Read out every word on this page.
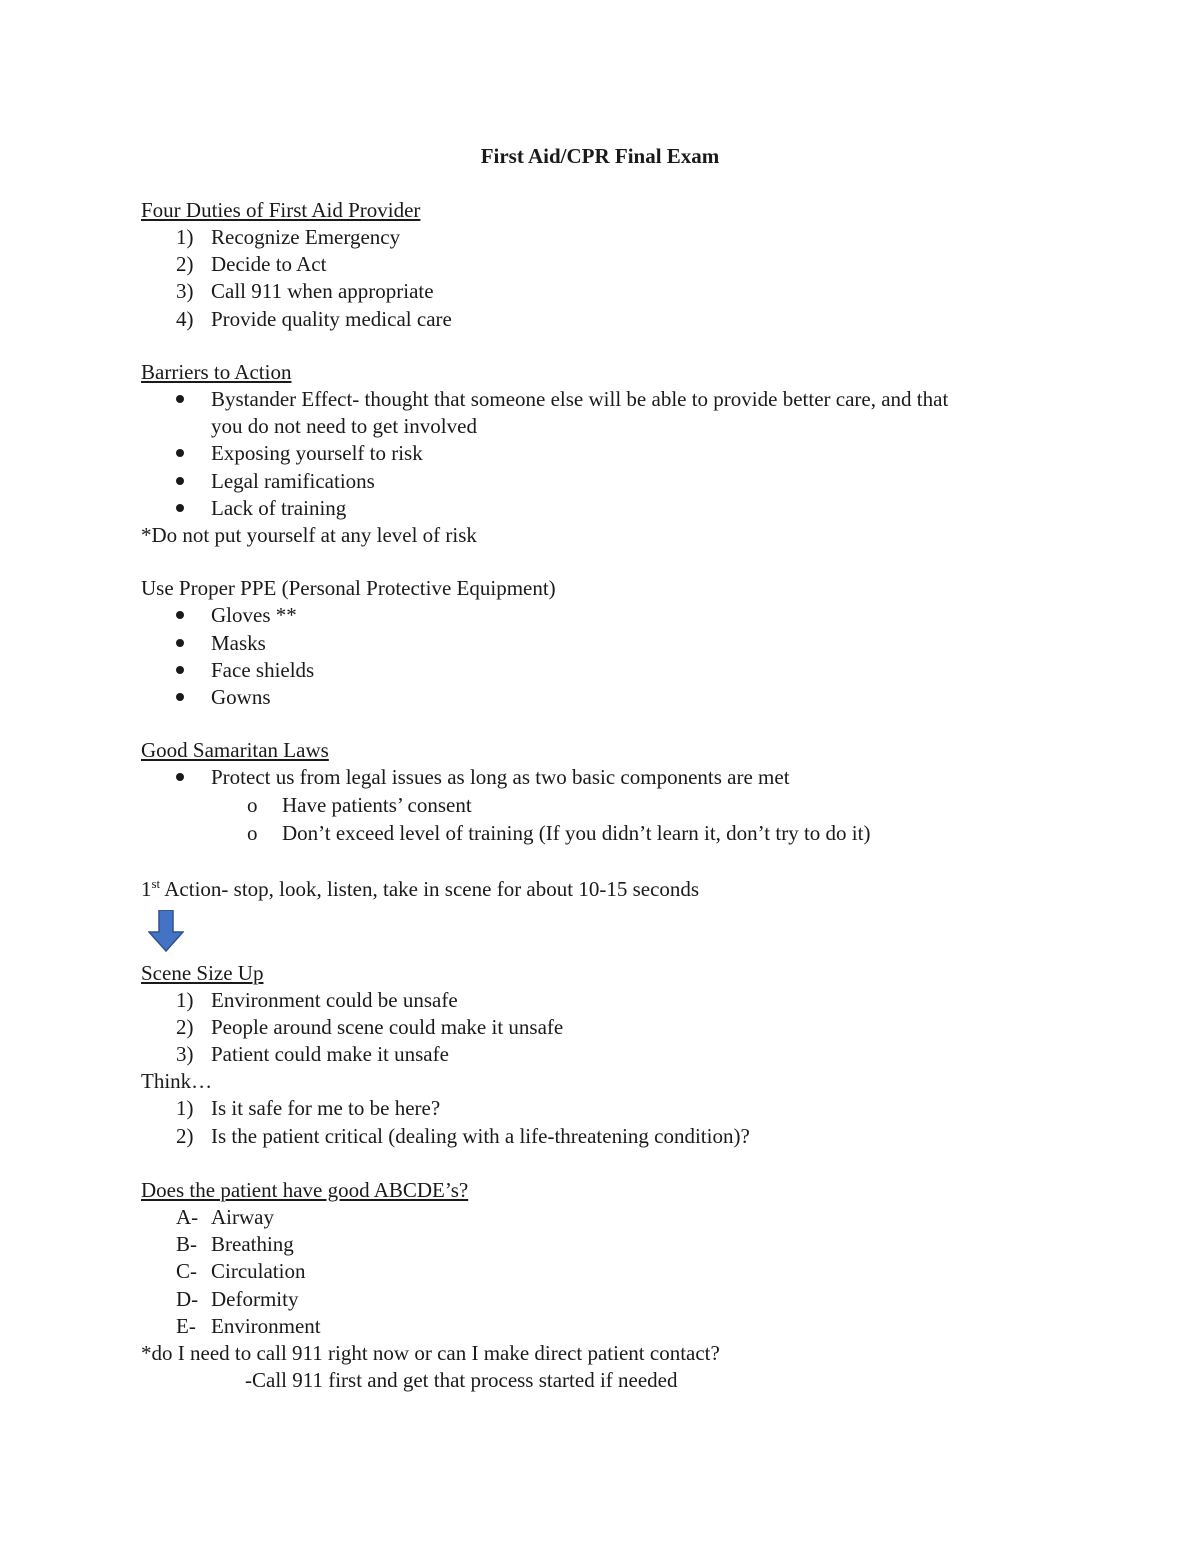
First Aid/CPR Final Exam
Four Duties of First Aid Provider
1) Recognize Emergency
2) Decide to Act
3) Call 911 when appropriate
4) Provide quality medical care
Barriers to Action
Bystander Effect- thought that someone else will be able to provide better care, and that
you do not need to get involved
Exposing yourself to risk
Legal ramifications
Lack of training
*Do not put yourself at any level of risk
Use Proper PPE (Personal Protective Equipment)
Gloves **
Masks
Face shields
Gowns
Good Samaritan Laws
Protect us from legal issues as long as two basic components are met
o Have patients’ consent
o Don’t exceed level of training (If you didn’t learn it, don’t try to do it)
1st Action- stop, look, listen, take in scene for about 10-15 seconds
Scene Size Up
1) Environment could be unsafe
2) People around scene could make it unsafe
3) Patient could make it unsafe
Think…
1) Is it safe for me to be here?
2) Is the patient critical (dealing with a life-threatening condition)?
Does the patient have good ABCDE’s?
A- Airway
B- Breathing
C- Circulation
D- Deformity
E- Environment
*do I need to call 911 right now or can I make direct patient contact?
-Call 911 first and get that process started if needed
